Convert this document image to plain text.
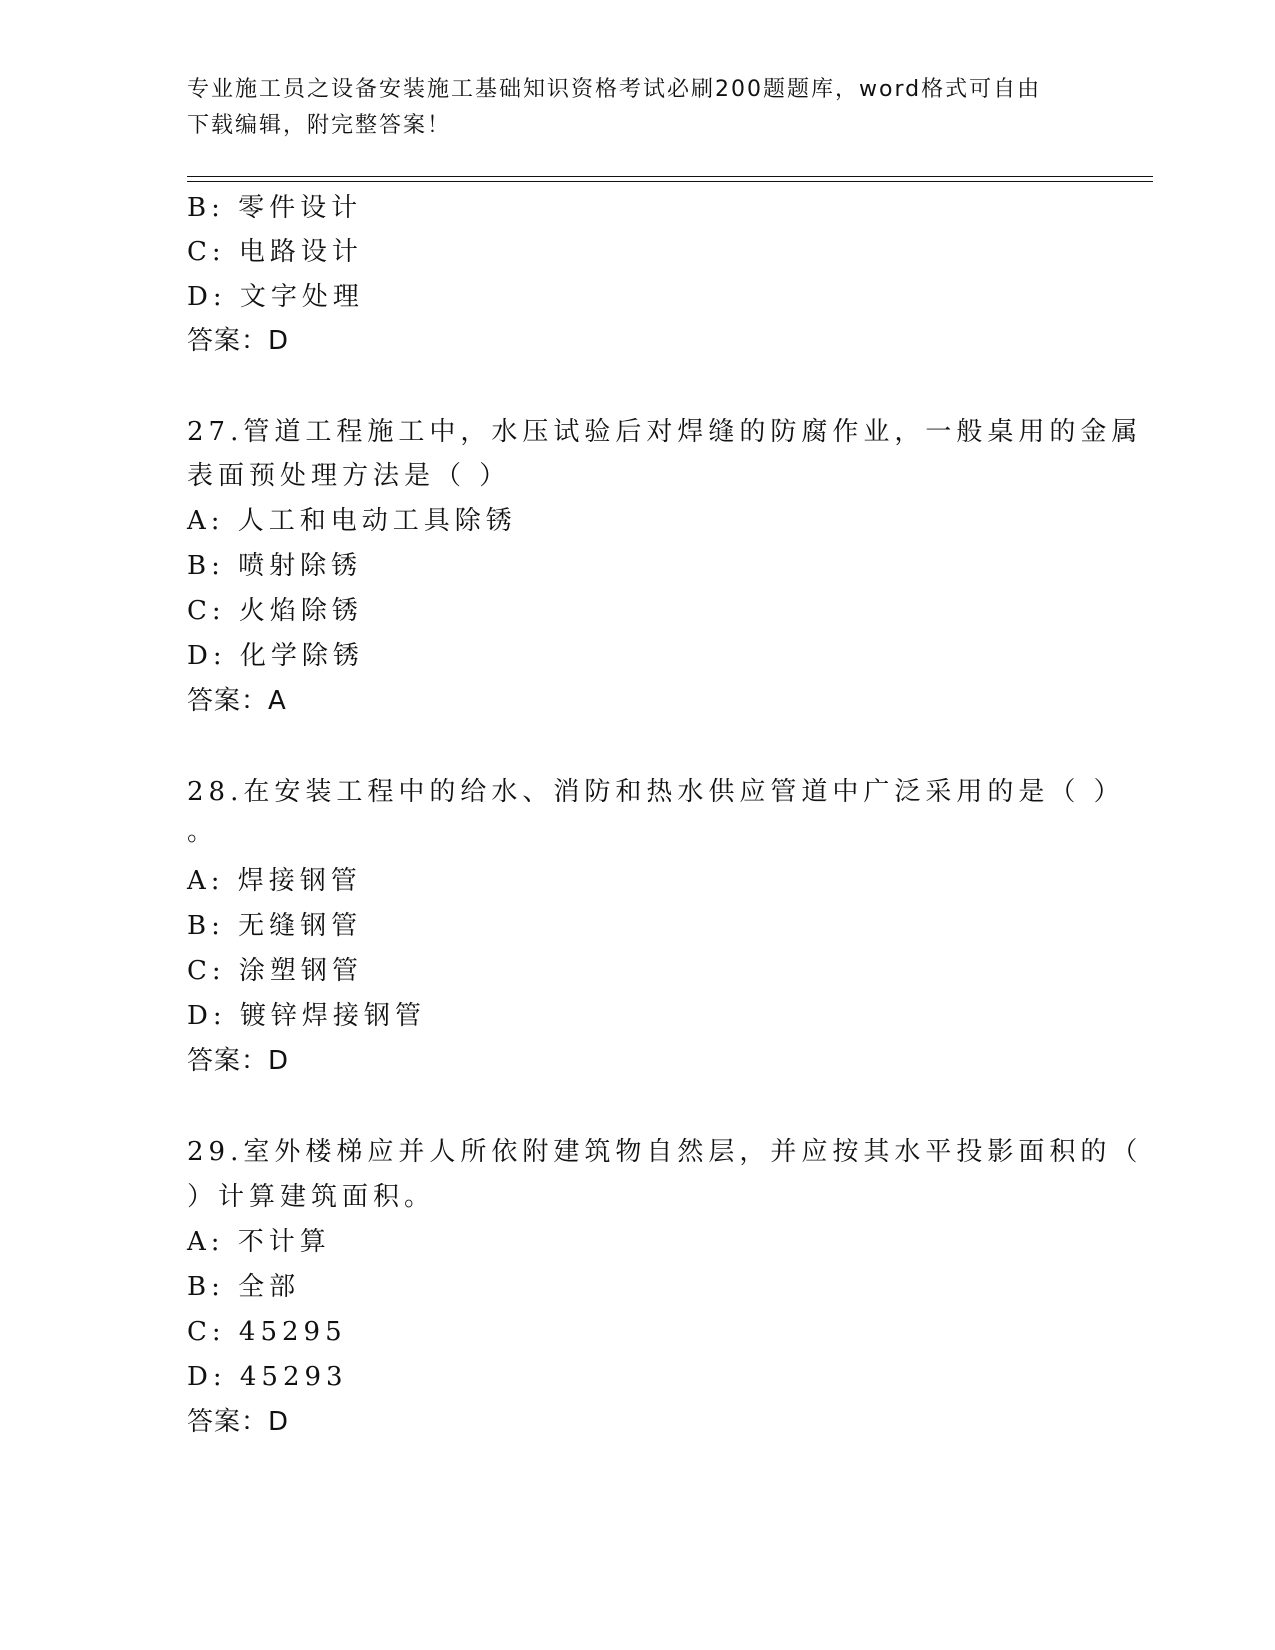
专业施工员之设备安装施工基础知识资格考试必刷200题题库，word格式可自由
下载编辑，附完整答案！
B: 零件设计
C: 电路设计
D: 文字处理
答案：D
27.管道工程施工中，水压试验后对焊缝的防腐作业，一般桌用的金属
表面预处理方法是（ ）
A: 人工和电动工具除锈
B: 喷射除锈
C: 火焰除锈
D: 化学除锈
答案：A
28.在安装工程中的给水、消防和热水供应管道中广泛采用的是（ ）
。
A: 焊接钢管
B: 无缝钢管
C: 涂塑钢管
D: 镀锌焊接钢管
答案：D
29.室外楼梯应并人所依附建筑物自然层，并应按其水平投影面积的（
）计算建筑面积。
A: 不计算
B: 全部
C: 45295
D: 45293
答案：D
